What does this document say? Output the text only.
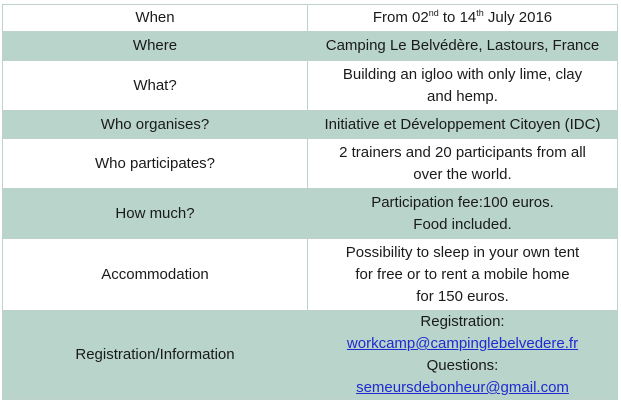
When	From 02nd to 14th July 2016
Where	Camping Le Belvédère, Lastours, France
What?	Building an igloo with only lime, clay
and hemp.
Who organises?	Initiative et Développement Citoyen (IDC)
Who participates?	2 trainers and 20 participants from all
over the world.
How much?	Participation fee:100 euros.
Food included.
Accommodation	Possibility to sleep in your own tent
for free or to rent a mobile home
for 150 euros.
Registration/Information	Registration:
workcamp@campinglebelvedere.fr
Questions:
semeursdebonheur@gmail.com
